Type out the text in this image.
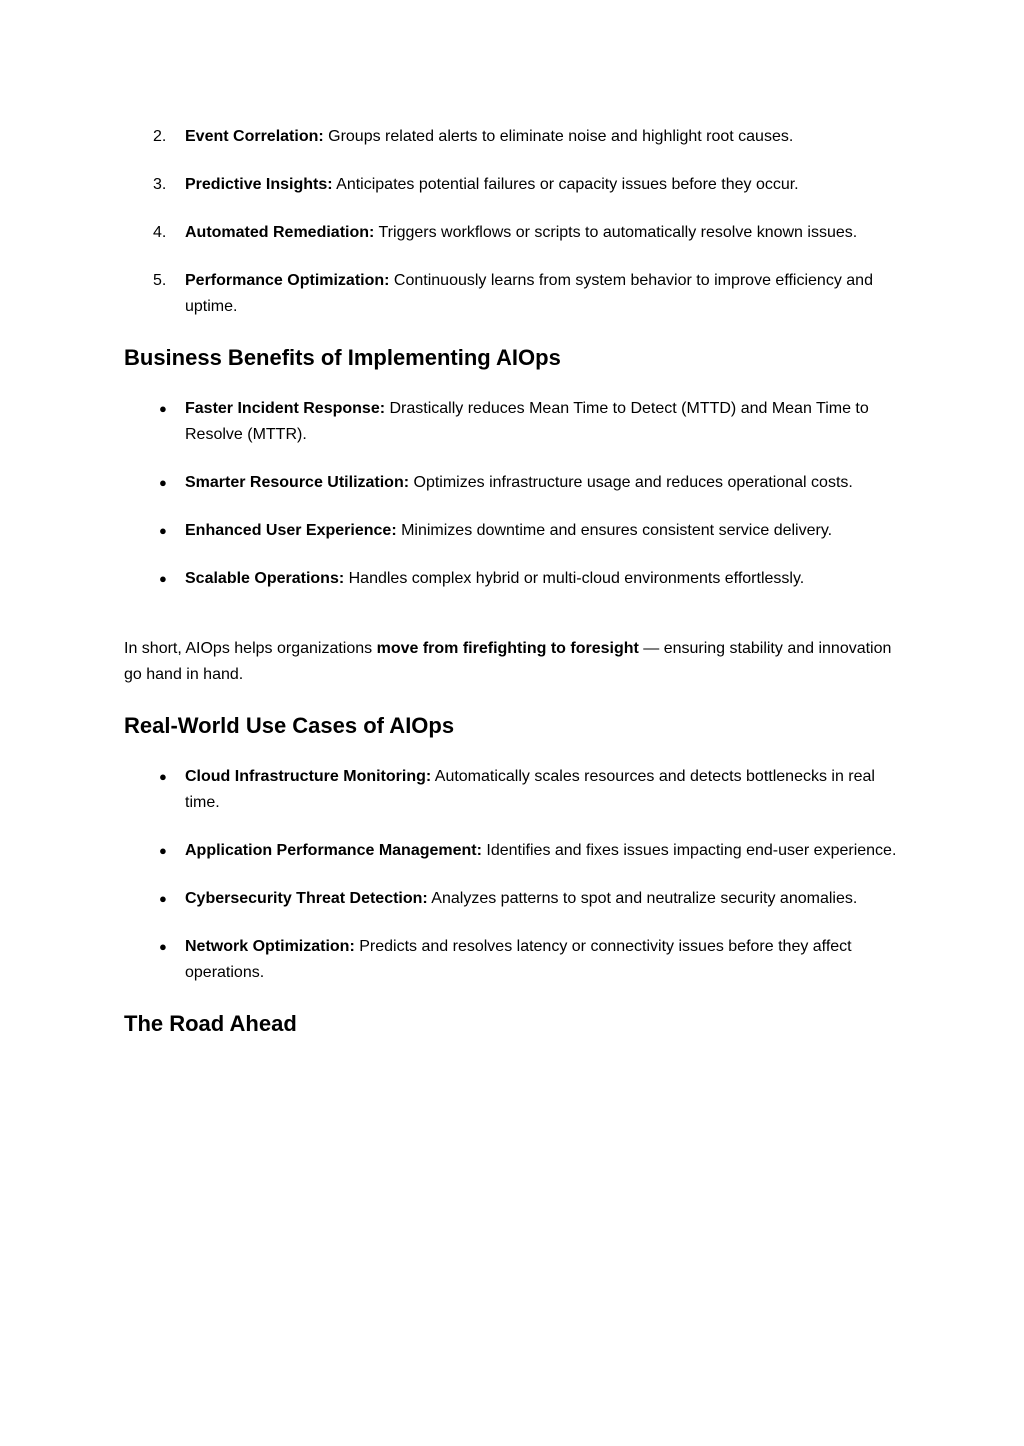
2.	Event Correlation: Groups related alerts to eliminate noise and highlight root causes.
3.	Predictive Insights: Anticipates potential failures or capacity issues before they occur.
4.	Automated Remediation: Triggers workflows or scripts to automatically resolve known issues.
5.	Performance Optimization: Continuously learns from system behavior to improve efficiency and uptime.
Business Benefits of Implementing AIOps
●	Faster Incident Response: Drastically reduces Mean Time to Detect (MTTD) and Mean Time to Resolve (MTTR).
●	Smarter Resource Utilization: Optimizes infrastructure usage and reduces operational costs.
●	Enhanced User Experience: Minimizes downtime and ensures consistent service delivery.
●	Scalable Operations: Handles complex hybrid or multi-cloud environments effortlessly.

In short, AIOps helps organizations move from firefighting to foresight — ensuring stability and innovation go hand in hand.

Real-World Use Cases of AIOps
●	Cloud Infrastructure Monitoring: Automatically scales resources and detects bottlenecks in real time.
●	Application Performance Management: Identifies and fixes issues impacting end-user experience.
●	Cybersecurity Threat Detection: Analyzes patterns to spot and neutralize security anomalies.
●	Network Optimization: Predicts and resolves latency or connectivity issues before they affect operations.
The Road Ahead
